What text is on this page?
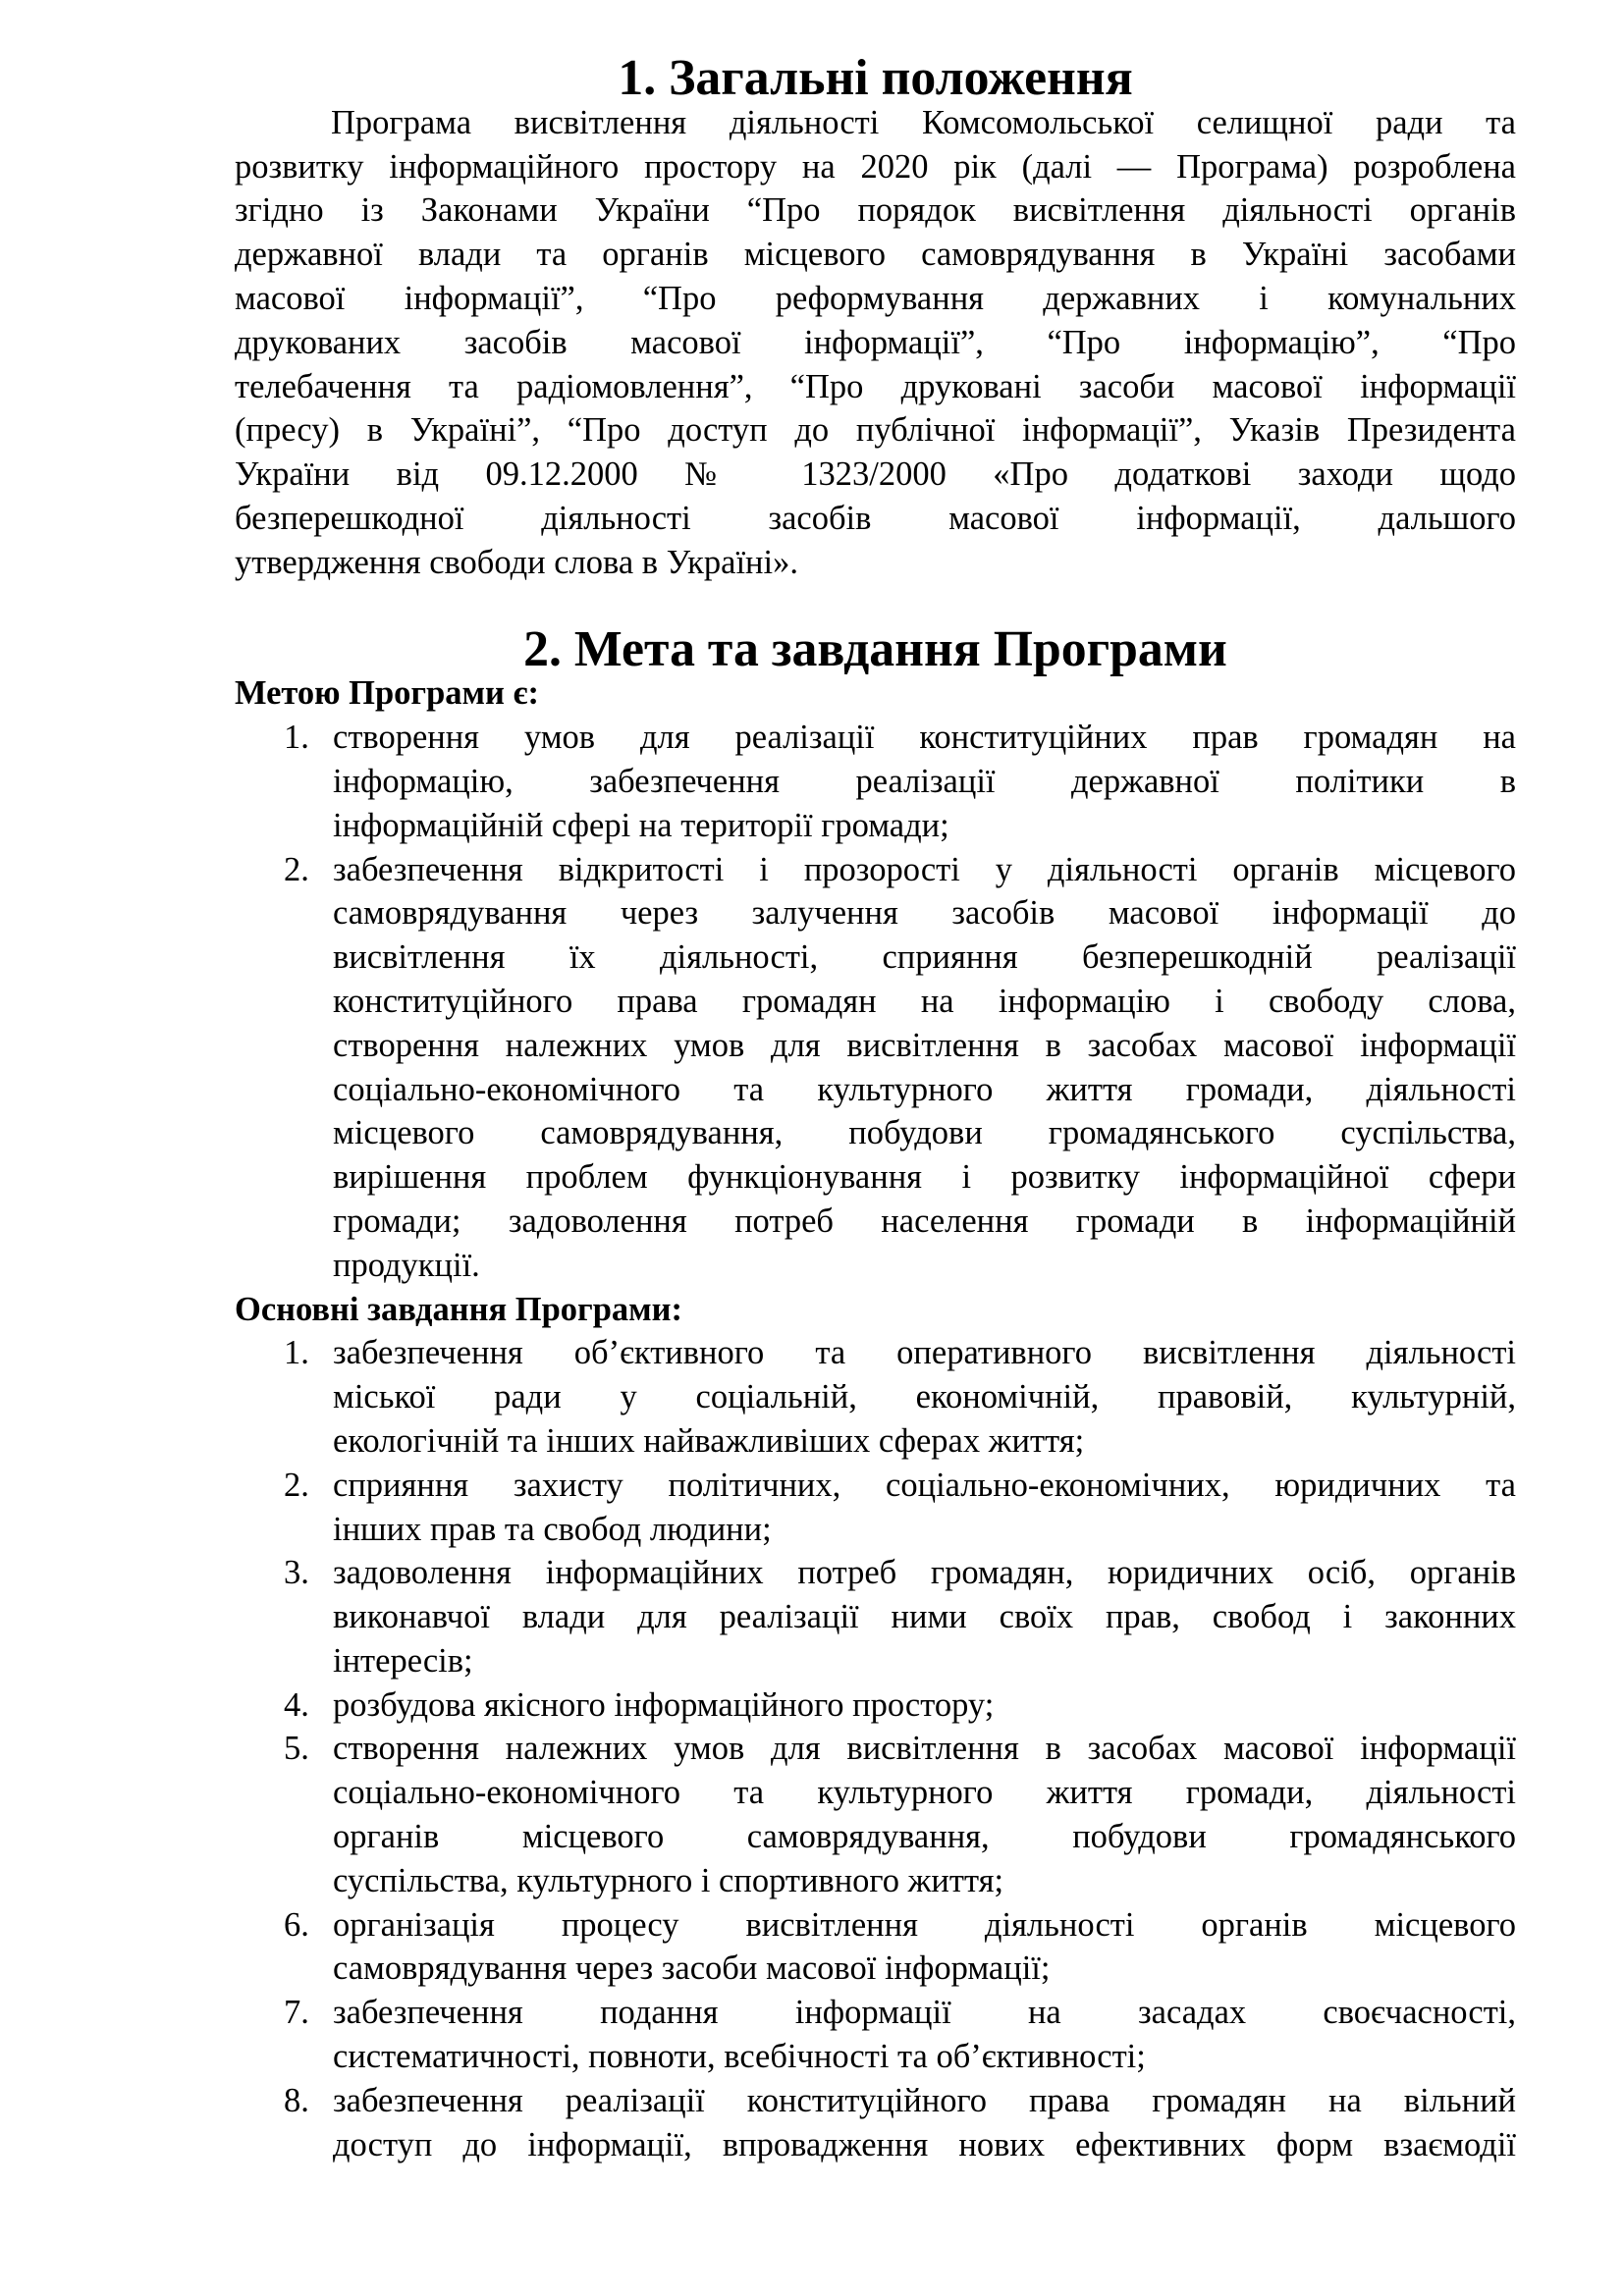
1. Загальні положення

Програма висвітлення діяльності Комсомольської селищної ради та

розвитку інформаційного простору на 2020 рік (далі — Програма) розроблена

згідно із Законами України “Про порядок висвітлення діяльності органів

державної влади та органів місцевого самоврядування в Україні засобами

масової інформації”, “Про реформування державних і комунальних

друкованих засобів масової інформації”, “Про інформацію”, “Про

телебачення та радіомовлення”, “Про друковані засоби масової інформації

(пресу) в Україні”, “Про доступ до публічної інформації”, Указів Президента

України від 09.12.2000 № 1323/2000 «Про додаткові заходи щодо

безперешкодної діяльності засобів масової інформації, дальшого

утвердження свободи слова в Україні».

2. Мета та завдання Програми

Метою Програми є:

1. створення умов для реалізації конституційних прав громадян на

інформацію, забезпечення реалізації державної політики в

інформаційній сфері на території громади;

2. забезпечення відкритості і прозорості у діяльності органів місцевого

самоврядування через залучення засобів масової інформації до

висвітлення їх діяльності, сприяння безперешкодній реалізації

конституційного права громадян на інформацію і свободу слова,

створення належних умов для висвітлення в засобах масової інформації

соціально-економічного та культурного життя громади, діяльності

місцевого самоврядування, побудови громадянського суспільства,

вирішення проблем функціонування і розвитку інформаційної сфери

громади; задоволення потреб населення громади в інформаційній

продукції.

Основні завдання Програми:

1. забезпечення об’єктивного та оперативного висвітлення діяльності

міської ради у соціальній, економічній, правовій, культурній,

екологічній та інших найважливіших сферах життя;

2. сприяння захисту політичних, соціально-економічних, юридичних та

інших прав та свобод людини;

3. задоволення інформаційних потреб громадян, юридичних осіб, органів

виконавчої влади для реалізації ними своїх прав, свобод і законних

інтересів;

4. розбудова якісного інформаційного простору;

5. створення належних умов для висвітлення в засобах масової інформації

соціально-економічного та культурного життя громади, діяльності

органів місцевого самоврядування, побудови громадянського

суспільства, культурного і спортивного життя;

6. організація процесу висвітлення діяльності органів місцевого

самоврядування через засоби масової інформації;

7. забезпечення подання інформації на засадах своєчасності,

систематичності, повноти, всебічності та об’єктивності;

8. забезпечення реалізації конституційного права громадян на вільний

доступ до інформації, впровадження нових ефективних форм взаємодії
